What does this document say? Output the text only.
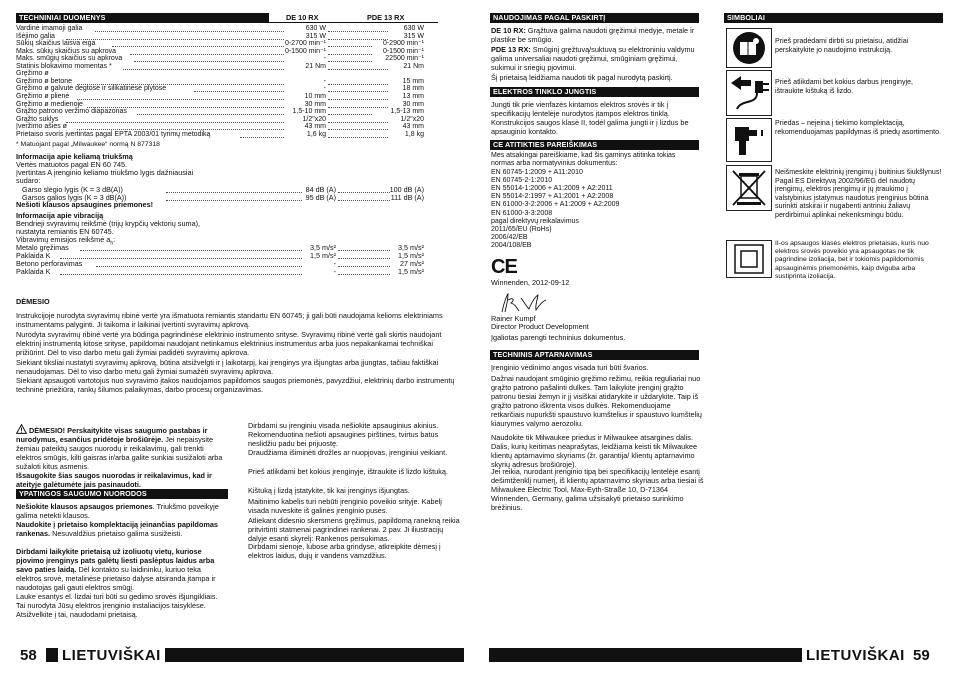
TECHNINIAI DUOMENYS	DE 10 RX	PDE 13 RX
Vardinė imamoji galia	630 W	630 W
Išėjimo galia	315 W	315 W
Sūkių skaičius laisva eiga	0-2700 min⁻¹	0-2900 min⁻¹
Maks. sūkių skaičius su apkrova	0-1500 min⁻¹	0-1500 min⁻¹
Maks. smūgių skaičius su apkrova	-	22500 min⁻¹
Statinis blokavimo momentas *	21 Nm	21 Nm
Gręžimo ø
Gręžimo ø betone	-	15 mm
Gręžimo ø galvutė degtose ir silikatinėse plytose	-	18 mm
Gręžimo ø plienė	10 mm	13 mm
Gręžimo ø medienoje	30 mm	30 mm
Grąžto patrono veržimo diapazonas	1,5-10 mm	1,5-13 mm
Grąžto suklys	1/2"x20	1/2"x20
Įveržimo ašies ø	43 mm	43 mm
Prietaiso svoris įvertintas pagal EPTA 2003/01 tyrimų metodiką	1,6 kg	1,8 kg
* Matuojant pagal „Milwaukee“ normą N 877318
Informacija apie keliamą triukšmą
Vertės matuotos pagal EN 60 745.
Įvertintas A įrenginio keliamo triukšmo lygis dažniausiai
sudaro:
Garso slėgio lygis (K = 3 dB(A))	84 dB (A)	100 dB (A)
Garsos galios lygis (K = 3 dB(A))	95 dB (A)	111 dB (A)
Nešioti klausos apsaugines priemones!
Informacija apie vibraciją
Bendrieji svyravimų reikšmė (trijų krypčių vektorių suma),
nustatyta remiantis EN 60745.
Vibravimų emisijos reikšmė $a_h$:
Metalo gręžimas	3,5 m/s²	3,5 m/s²
Paklaida K	1,5 m/s²	1,5 m/s²
Betono perforavimas	-	27 m/s²
Paklaida K	-	1,5 m/s²
DĖMESIO
Instrukcijoje nurodyta svyravimų ribinė vertė yra išmatuota remiantis standartu EN 60745; ji gali būti naudojama kelioms elektriniams instrumentams palyginti. Ji taikoma ir laikinai įvertinti svyravimų apkrovą.
Nurodyta svyravimų ribinė vertė yra būdinga pagrindinėse elektrinio instrumento srityse. Svyravimų ribinė vertė gali skirtis naudojant elektrinį instrumentą kitose srityse, papildomai naudojant netinkamus elektrinius instrumentus arba juos nepakankamai techniškai prižiūrint. Dėl to viso darbo metu gali žymiai padidėti svyravimų apkrova.
Siekiant tiksliai nustatyti svyravimų apkrovą, būtina atsižvelgti ir į laikotarpį, kai įrenginys yra išjungtas arba įjungtas, tačiau faktiškai nenaudojamas. Dėl to viso darbo metu gali žymiai sumažėti svyravimų apkrova.
Siekiant apsaugoti vartotojus nuo svyravimo įtakos naudojamos papildomos saugos priemonės, pavyzdžiui, elektrinių darbo instrumentų techninė priežiūra, rankų šilumos palaikymas, darbo procesų organizavimas.
DĖMESIO! Perskaitykite visas saugumo pastabas ir nurodymus, esančius pridėtoje brošiūrėje. Jei nepaisysite žemiau pateiktų saugos nuorodų ir reikalavimų, gali trenkti elektros smūgis, kilti gaisras ir/arba galite sunkiai susižaloti arba sužaloti kitus asmenis.
Išsaugokite šias saugos nuorodas ir reikalavimus, kad ir ateityje galėtumėte jais pasinaudoti.
YPATINGOS SAUGUMO NUORODOS
Nešiokite klausos apsaugos priemones. Triukšmo poveikyje galima netekti klausos.
Naudokite į prietaiso komplektaciją įeinančias papildomas rankenas. Nesuvaldžius prietaiso galima susižeisti.
Dirbdami laikykite prietaisą už izoliuotų vietų, kuriose pjovimo įrenginys pats galėtų liesti paslėptus laidus arba savo paties laidą. Dėl kontakto su laidininku, kuriuo teka elektros srovė, metalinėse prietaiso dalyse atsiranda įtampa ir naudotojas gali gauti elektros smūgį.
Lauke esantys el. lizdai turi būti su gedimo srovės išjungikliais. Tai nurodyta Jūsų elektros įrenginio instaliacijos taisyklėse. Atsižvelkite į tai, naudodami prietaisą.
Dirbdami su įrenginiu visada nešiokite apsauginius akinius. Rekomenduotina nešioti apsaugines pirštines, tvirtus batus neslidžiu padu bei prijuostę.
Draudžiama išiminėti drožles ar nuopjovas, įrenginiui veikiant.
Prieš atlikdami bet kokius įrenginyje, ištraukite iš lizdo kištuką.
Kištuką į lizdą įstatykite, tik kai įrenginys išjungtas.
Maitinimo kabelis turi nebūti įrenginio poveikio srityje. Kabelį visada nuveskite iš galinės įrenginio pusės.
Atliekant didesnio skersmens gręžimus, papildomą ranekną reikia pritvirtinti statmenai pagrindinei rankenai. 2 pav. Ji iliustracijų dalyje esanti skyrelį: Rankenos persukimas.
Dirbdami sienoje, lubose arba grindyse, atkreipkite dėmesį į elektros laidus, dujų ir vandens vamzdžius.
58 LIETUVIŠKAI
NAUDOJIMAS PAGAL PASKIRTĮ
DE 10 RX: Grąžtuva galima naudoti gręžimui medyje, metale ir plastike be smūgio.
PDE 13 RX: Smūginį gręžtuvą/suktuvą su elektroniniu valdymu galima universaliai naudoti gręžimui, smūginiam gręžimui, sukimui ir sriegių pjovimui.
Šį prietaisą leidžiama naudoti tik pagal nurodytą paskirtį.
ELEKTROS TINKLO JUNGTIS
Jungti tik prie vienfazės kintamos elektros srovės ir tik į specifikacijų lentelėje nurodytos įtampos elektros tinklą. Konstrukcijos saugos klasė II, todėl galima jungti ir į lizdus be apsauginio kontakto.
CE ATITIKTIES PAREIŠKIMAS
Mes atsakingai pareiškiame, kad šis gaminys atitinka tokias normas arba normatyvinius dokumentus:
EN 60745-1:2009 + A11:2010
EN 60745-2-1:2010
EN 55014-1:2006 + A1:2009 + A2:2011
EN 55014-2:1997 + A1:2001 + A2:2008
EN 61000-3-2:2006 + A1:2009 + A2:2009
EN 61000-3-3:2008
pagal direktyvų reikalavimus
2011/65/EU (RoHs)
2006/42/EB
2004/108/EB
CE
Winnenden, 2012-09-12
Rainer Kumpf
Director Product Development
Įgaliotas parengti techninius dokumentus.
TECHNINIS APTARNAVIMAS
Įrenginio vėdinimo angos visada turi būti švarios.
Dažnai naudojant smūginio gręžimo režimu, reikia reguliariai nuo grąžto patrono pašalinti dulkes. Tam laikykite įrenginį grąžto patronu tiesiai žemyn ir jį visiškai atidarykite ir uždarykite. Taip iš grąžto patrono iškrenta visos dulkės. Rekomenduojame retkarčiais nupurkšti spaustuvo kumštelius ir spaustuvo kumštelių kiaurymes valymo aerozoliu.
Naudokite tik Milwaukee priedus ir Milwaukee atsargines dalis. Dalis, kurių keitimas neaprašytas, leidžiama keisti tik Milwaukee klientų aptarnavimo skyriams (žr. garantija/ klientų aptarnavimo skyrių adresus brošiūroje).
Jei reikia, nurodant įrenginio tipą bei specifikacijų lentelėje esantį dešimtženklį numerį, iš klientų aptarnavimo skyriaus arba tiesiai iš Milwaukee Electric Tool, Max-Eyth-Straße 10, D-71364 Winnenden, Germany, galima užsisakyti prietaiso surinkimo brėžinius.
SIMBOLIAI
Prieš pradėdami dirbti su prietaisu, atidžiai perskaitykite jo naudojimo instrukciją.
Prieš atlikdami bet kokius darbus įrenginyje, ištraukite kištuką iš lizdo.
Priedas – neįeina į tiekimo komplektaciją, rekomenduojamas papildymas iš priedų asortimento.
Neišmeskite elektrinių įrengimų į buitinius šiukšlynus! Pagal ES Direktyvą 2002/96/EG del naudotų įrengimų, elektros įrengimų ir jų įtraukimo į valstybinius įstatymus naudotus įrenginius būtina surinkti atskirai ir nugabenti antriniu žaliavų perdirbimui aplinkai nekenksmingu būdu.
II-os apsaugos klasės elektros prietaisas, kuris nuo elektros srovės poveikio yra apsaugotas ne tik pagrindine izoliacija, bet ir tokiomis papildomomis apsauginėmis priemonėmis, kaip dviguba arba sustiprinta izoliacija.
LIETUVIŠKAI 59
